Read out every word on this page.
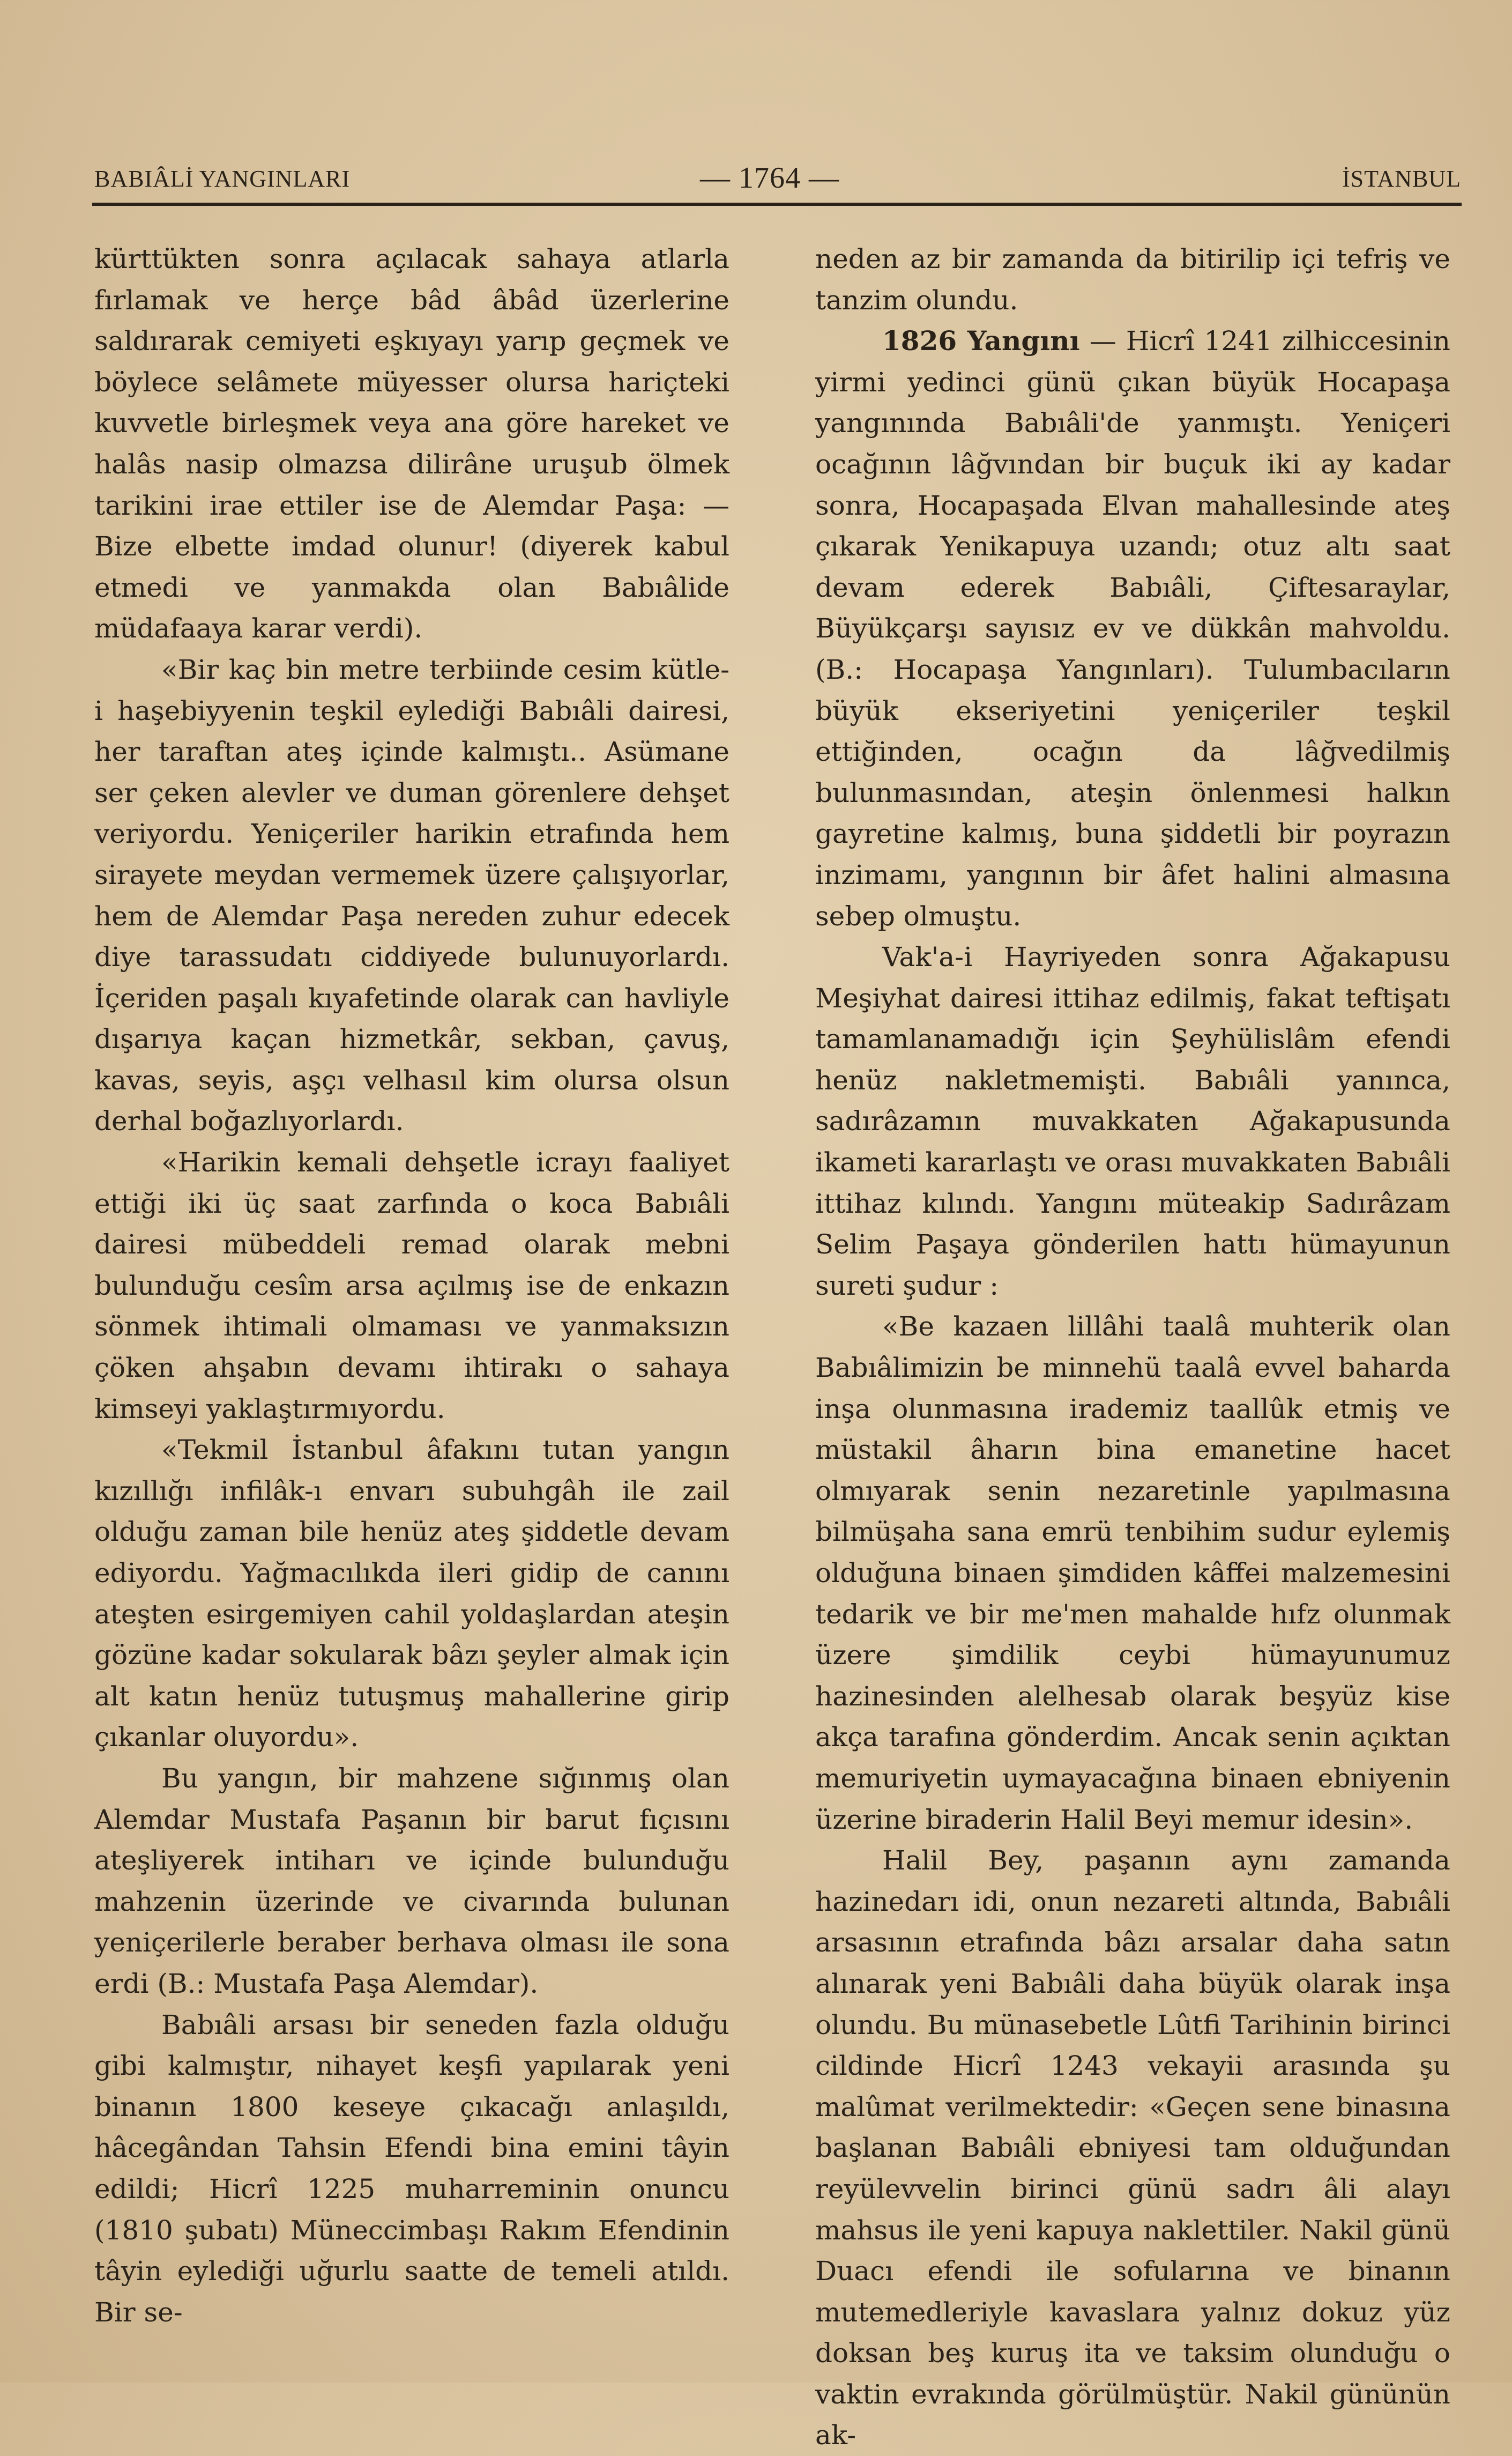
BABIÂLİ YANGINLARI	— 1764 —	İSTANBUL

kürttükten sonra açılacak sahaya atlarla fırlamak ve herçe bâd âbâd üzerlerine saldırarak cemiyeti eşkıyayı yarıp geçmek ve böylece selâmete müyesser olursa hariçteki kuvvetle birleşmek veya ana göre hareket ve halâs nasip olmazsa dilirâne uruşub ölmek tarikini irae ettiler ise de Alemdar Paşa: — Bize elbette imdad olunur! (diyerek kabul etmedi ve yanmakda olan Babıâlide müdafaaya karar verdi).

«Bir kaç bin metre terbiinde cesim kütle-i haşebiyyenin teşkil eylediği Babıâli dairesi, her taraftan ateş içinde kalmıştı.. Asümane ser çeken alevler ve duman görenlere dehşet veriyordu. Yeniçeriler harikin etrafında hem sirayete meydan vermemek üzere çalışıyorlar, hem de Alemdar Paşa nereden zuhur edecek diye tarassudatı ciddiyede bulunuyorlardı. İçeriden paşalı kıyafetinde olarak can havliyle dışarıya kaçan hizmetkâr, sekban, çavuş, kavas, seyis, aşçı velhasıl kim olursa olsun derhal boğazlıyorlardı.

«Harikin kemali dehşetle icrayı faaliyet ettiği iki üç saat zarfında o koca Babıâli dairesi mübeddeli remad olarak mebni bulunduğu cesîm arsa açılmış ise de enkazın sönmek ihtimali olmaması ve yanmaksızın çöken ahşabın devamı ihtirakı o sahaya kimseyi yaklaştırmıyordu.

«Tekmil İstanbul âfakını tutan yangın kızıllığı infilâk-ı envarı subuhgâh ile zail olduğu zaman bile henüz ateş şiddetle devam ediyordu. Yağmacılıkda ileri gidip de canını ateşten esirgemiyen cahil yoldaşlardan ateşin gözüne kadar sokularak bâzı şeyler almak için alt katın henüz tutuşmuş mahallerine girip çıkanlar oluyordu».

Bu yangın, bir mahzene sığınmış olan Alemdar Mustafa Paşanın bir barut fıçısını ateşliyerek intiharı ve içinde bulunduğu mahzenin üzerinde ve civarında bulunan yeniçerilerle beraber berhava olması ile sona erdi (B.: Mustafa Paşa Alemdar).

Babıâli arsası bir seneden fazla olduğu gibi kalmıştır, nihayet keşfi yapılarak yeni binanın 1800 keseye çıkacağı anlaşıldı, hâcegândan Tahsin Efendi bina emini tâyin edildi; Hicrî 1225 muharreminin onuncu (1810 şubatı) Müneccimbaşı Rakım Efendinin tâyin eylediği uğurlu saatte de temeli atıldı. Bir se-

neden az bir zamanda da bitirilip içi tefriş ve tanzim olundu.

1826 Yangını — Hicrî 1241 zilhiccesinin yirmi yedinci günü çıkan büyük Hocapaşa yangınında Babıâli'de yanmıştı. Yeniçeri ocağının lâğvından bir buçuk iki ay kadar sonra, Hocapaşada Elvan mahallesinde ateş çıkarak Yenikapuya uzandı; otuz altı saat devam ederek Babıâli, Çiftesaraylar, Büyükçarşı sayısız ev ve dükkân mahvoldu. (B.: Hocapaşa Yangınları). Tulumbacıların büyük ekseriyetini yeniçeriler teşkil ettiğinden, ocağın da lâğvedilmiş bulunmasından, ateşin önlenmesi halkın gayretine kalmış, buna şiddetli bir poyrazın inzimamı, yangının bir âfet halini almasına sebep olmuştu.

Vak'a-i Hayriyeden sonra Ağakapusu Meşiyhat dairesi ittihaz edilmiş, fakat teftişatı tamamlanamadığı için Şeyhülislâm efendi henüz nakletmemişti. Babıâli yanınca, sadırâzamın muvakkaten Ağakapusunda ikameti kararlaştı ve orası muvakkaten Babıâli ittihaz kılındı. Yangını müteakip Sadırâzam Selim Paşaya gönderilen hattı hümayunun sureti şudur :

«Be kazaen lillâhi taalâ muhterik olan Babıâlimizin be minnehü taalâ evvel baharda inşa olunmasına irademiz taallûk etmiş ve müstakil âharın bina emanetine hacet olmıyarak senin nezaretinle yapılmasına bilmüşaha sana emrü tenbihim sudur eylemiş olduğuna binaen şimdiden kâffei malzemesini tedarik ve bir me'men mahalde hıfz olunmak üzere şimdilik ceybi hümayunumuz hazinesinden alelhesab olarak beşyüz kise akça tarafına gönderdim. Ancak senin açıktan memuriyetin uymayacağına binaen ebniyenin üzerine biraderin Halil Beyi memur idesin».

Halil Bey, paşanın aynı zamanda hazinedarı idi, onun nezareti altında, Babıâli arsasının etrafında bâzı arsalar daha satın alınarak yeni Babıâli daha büyük olarak inşa olundu. Bu münasebetle Lûtfi Tarihinin birinci cildinde Hicrî 1243 vekayii arasında şu malûmat verilmektedir: «Geçen sene binasına başlanan Babıâli ebniyesi tam olduğundan reyülevvelin birinci günü sadrı âli alayı mahsus ile yeni kapuya naklettiler. Nakil günü Duacı efendi ile sofularına ve binanın mutemedleriyle kavaslara yalnız dokuz yüz doksan beş kuruş ita ve taksim olunduğu o vaktin evrakında görülmüştür. Nakil gününün ak-
